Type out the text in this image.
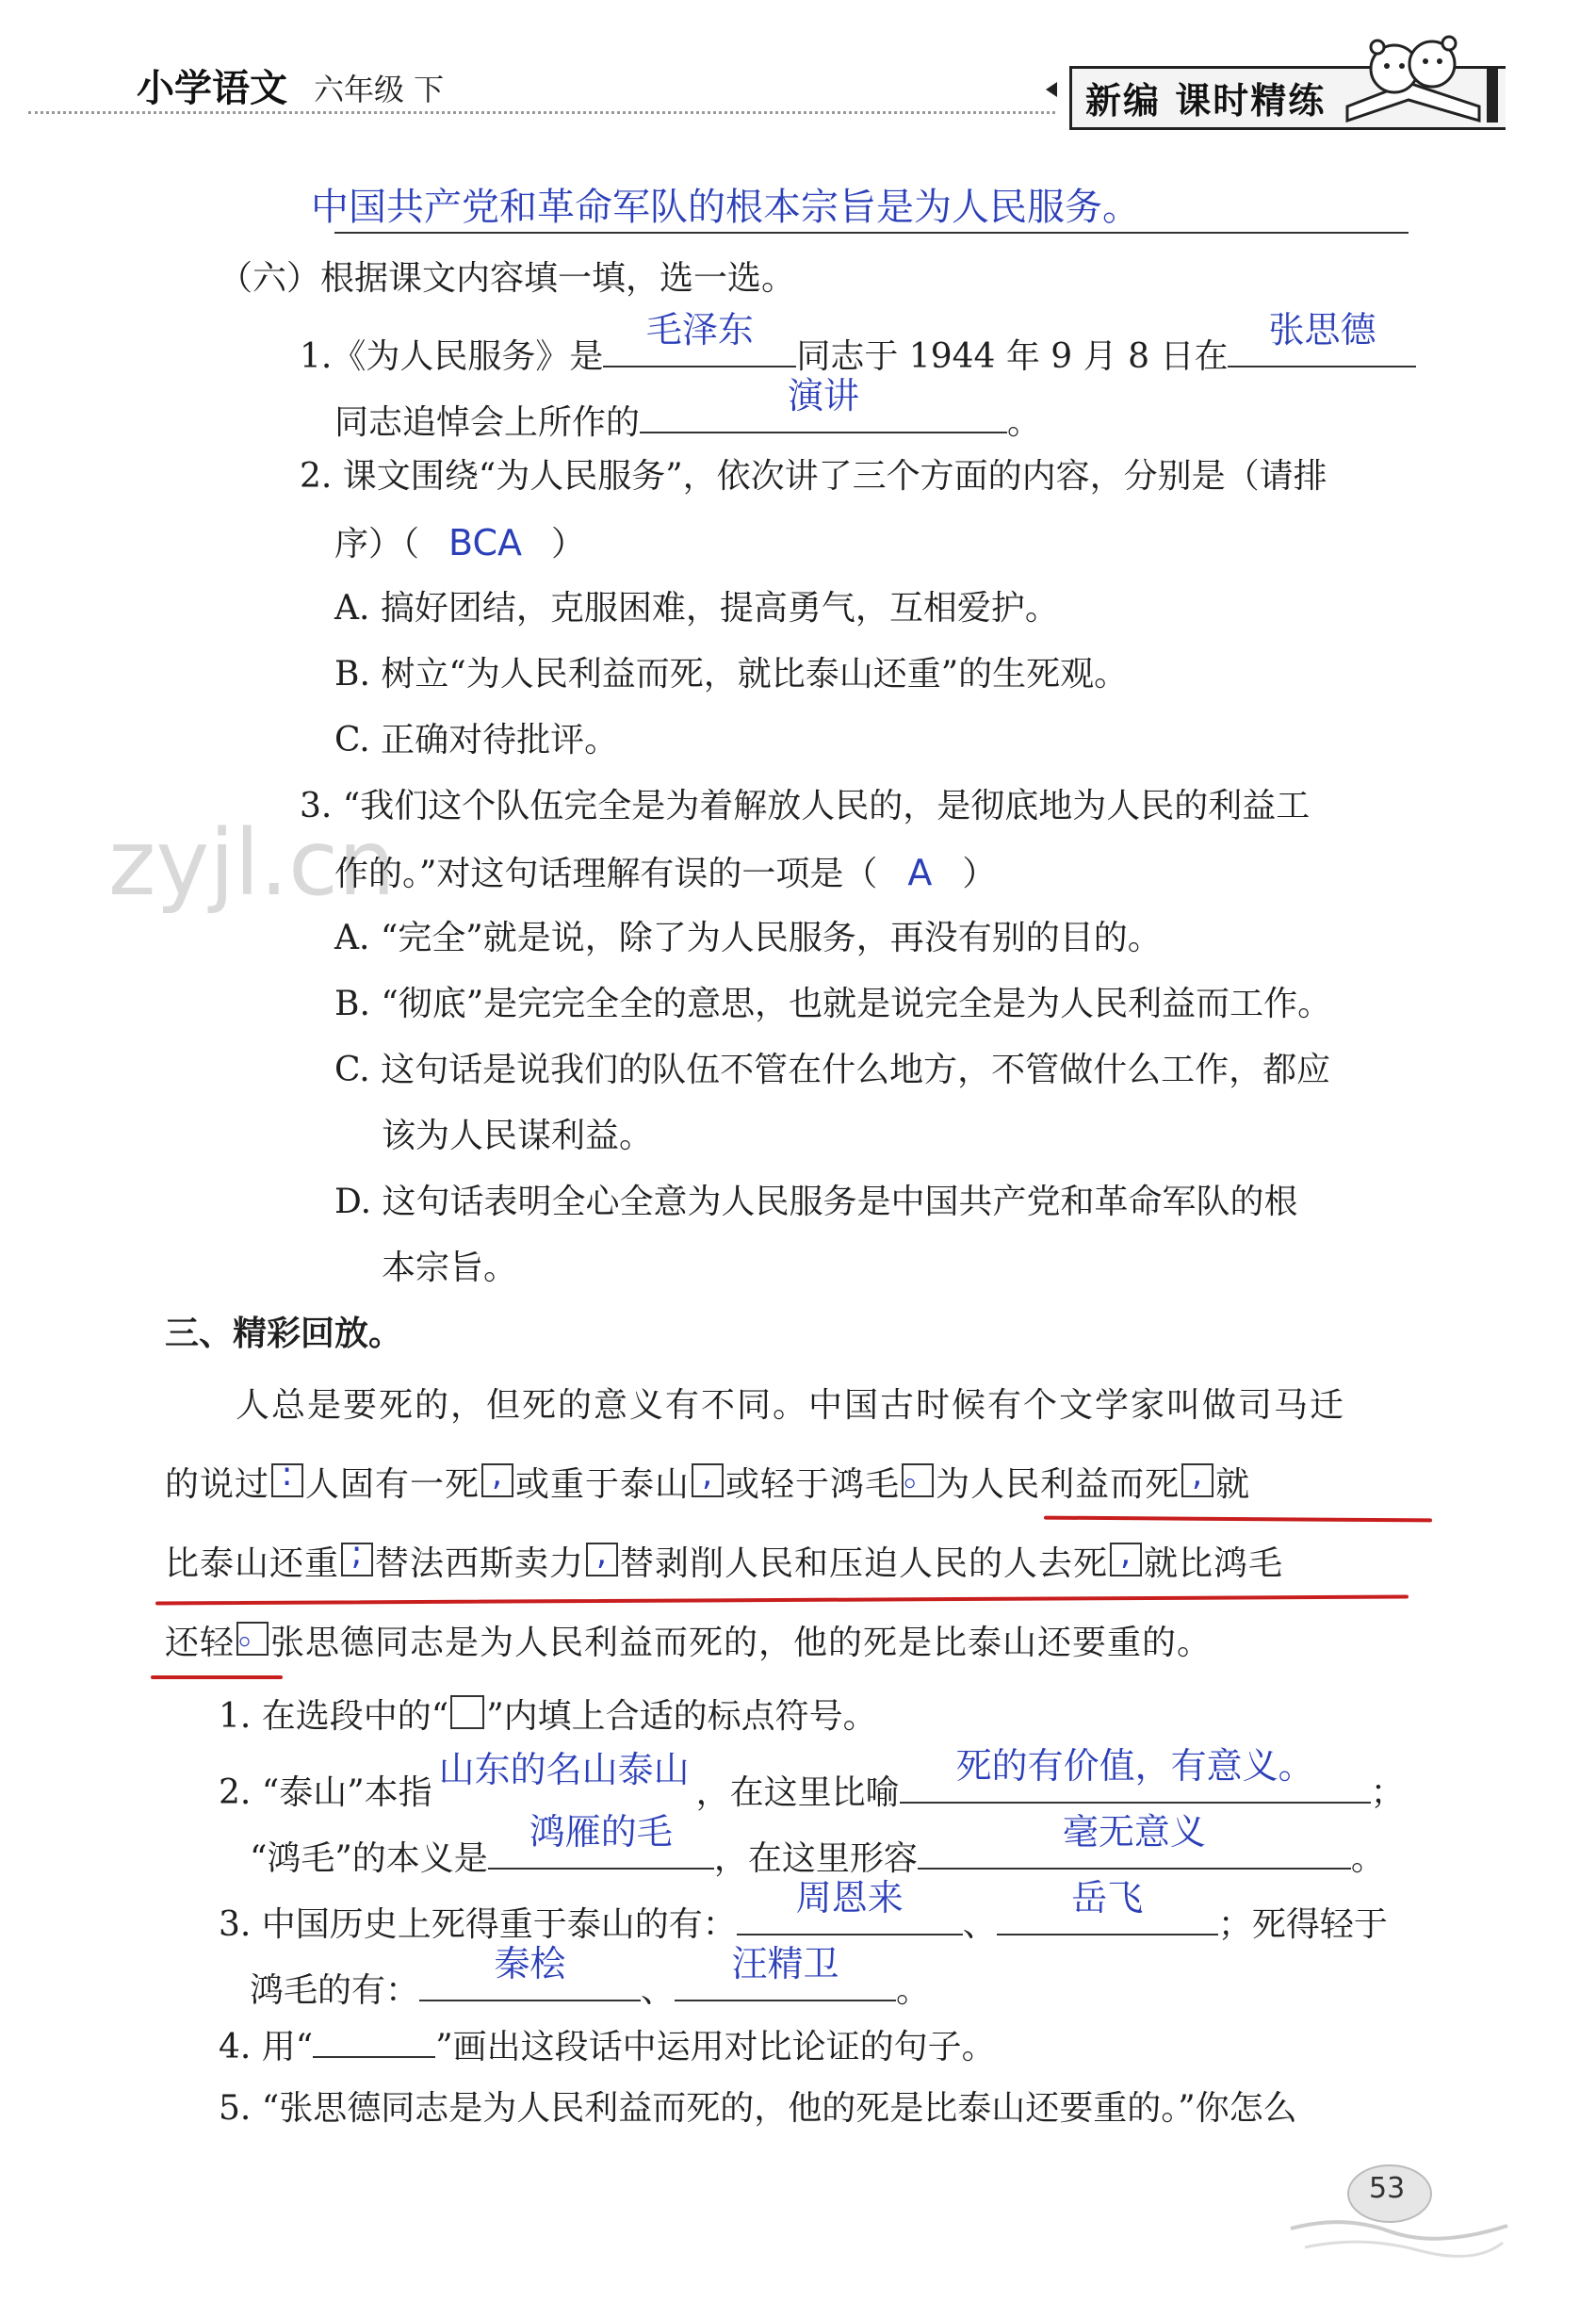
小学语文 六年级 下	新编 课时精练
中国共产党和革命军队的根本宗旨是为人民服务。
（六）根据课文内容填一填，选一选。
1.《为人民服务》是
毛泽东
同志于 1944 年 9 月 8 日在
张思德
同志追悼会上所作的
演讲
。
2. 课文围绕“为人民服务”，依次讲了三个方面的内容，分别是（请排
序）（ BCA ）
A. 搞好团结，克服困难，提高勇气，互相爱护。
B. 树立“为人民利益而死，就比泰山还重”的生死观。
C. 正确对待批评。
zyjl.cn
3. “我们这个队伍完全是为着解放人民的，是彻底地为人民的利益工
作的。”对这句话理解有误的一项是（ A ）
A. “完全”就是说，除了为人民服务，再没有别的目的。
B. “彻底”是完完全全的意思，也就是说完全是为人民利益而工作。
C. 这句话是说我们的队伍不管在什么地方，不管做什么工作，都应
该为人民谋利益。
D. 这句话表明全心全意为人民服务是中国共产党和革命军队的根
本宗旨。
三、精彩回放。
人总是要死的，但死的意义有不同。中国古时候有个文学家叫做司马迁
的说过 : 人固有一死 , 或重于泰山 , 或轻于鸿毛 。
为人民利益而死 , 就
比泰山还重 ; 替法西斯卖力 , 替剥削人民和压迫人民的人去死 , 就比鸿毛
还轻 。
张思德同志是为人民利益而死的，他的死是比泰山还要重的。
1. 在选段中的“ ”内填上合适的标点符号。
2. “泰山”本指
山东的名山泰山
，在这里比喻
死的有价值，有意义。
；
“鸿毛”的本义是
鸿雁的毛
，在这里形容
毫无意义
。
3. 中国历史上死得重于泰山的有：
周恩来
、
岳飞
；死得轻于
鸿毛的有：
秦桧
、
汪精卫
。
4. 用“	”画出这段话中运用对比论证的句子。
5. “张思德同志是为人民利益而死的，他的死是比泰山还要重的。”你怎么
53
